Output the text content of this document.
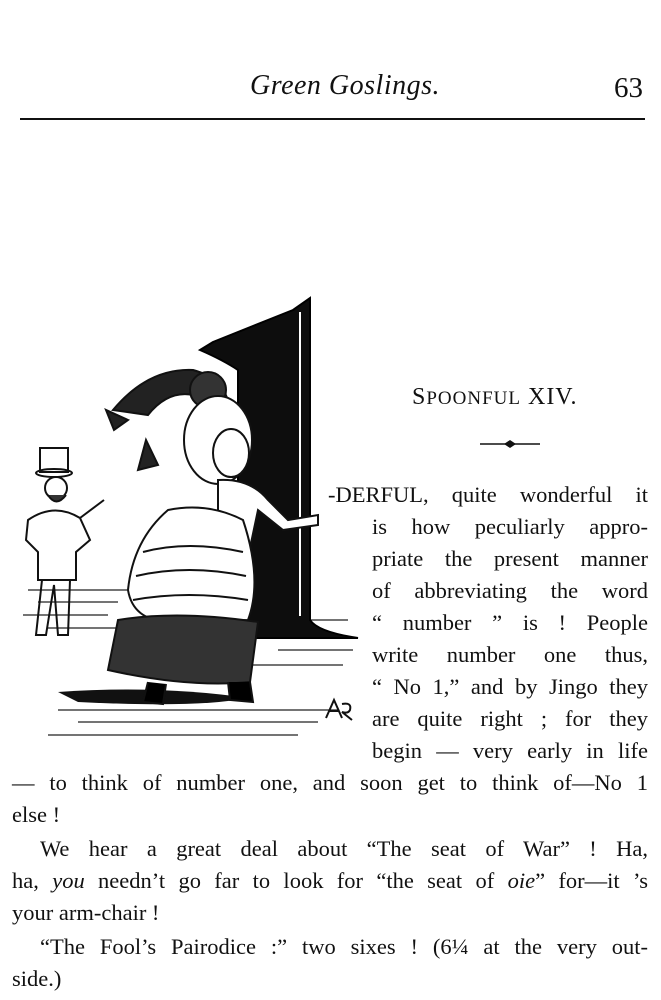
Green Goslings.	63
SPOONFUL XIV.
-DERFUL, quite wonderful it
is how peculiarly appro-
priate the present manner
of abbreviating the word
“ number ” is ! People
write number one thus,
“ No 1,” and by Jingo they
are quite right ; for they
begin — very early in life
— to think of number one, and soon get to think of—No 1
else !
We hear a great deal about “The seat of War” ! Ha,
ha, you needn’t go far to look for “the seat of oie” for—it ’s
your arm-chair !
“The Fool’s Pairodice :” two sixes ! (6¼ at the very out-
side.)
